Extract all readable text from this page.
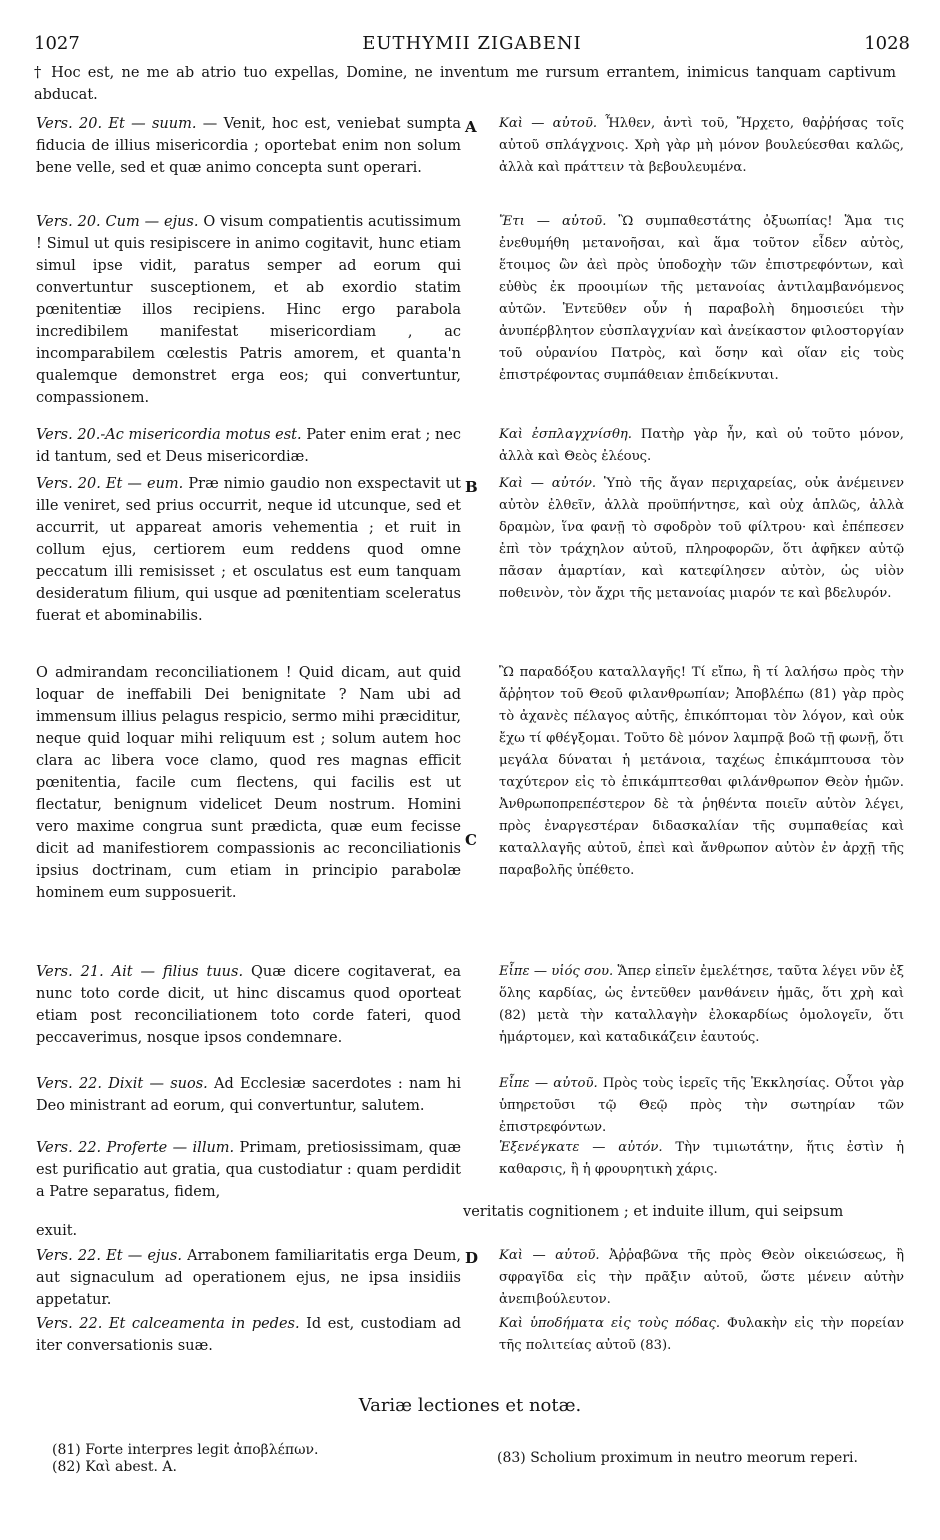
1027	EUTHYMII ZIGABENI	1028
† Hoc est, ne me ab atrio tuo expellas, Domine, ne inventum me rursum errantem, inimicus tanquam captivum abducat.
Vers. 20. Et — suum. — Venit, hoc est, veniebat sumpta fiducia de illius misericordia ; oportebat enim non solum bene velle, sed et quæ animo concepta sunt operari.
Vers. 20. Cum — ejus. O visum compatientis acutissimum ! Simul ut quis resipiscere in animo cogitavit, hunc etiam simul ipse vidit, paratus semper ad eorum qui convertuntur susceptionem, et ab exordio statim pœnitentiæ illos recipiens. Hinc ergo parabola incredibilem manifestat misericordiam , ac incomparabilem cœlestis Patris amorem, et quanta'n qualemque demonstret erga eos; qui convertuntur, compassionem.
Vers. 20.-Ac misericordia motus est. Pater enim erat ; nec id tantum, sed et Deus misericordiæ.
Vers. 20. Et — eum. Præ nimio gaudio non exspectavit ut ille veniret, sed prius occurrit, neque id utcunque, sed et accurrit, ut appareat amoris vehementia ; et ruit in collum ejus, certiorem eum reddens quod omne peccatum illi remisisset ; et osculatus est eum tanquam desideratum filium, qui usque ad pœnitentiam sceleratus fuerat et abominabilis.
O admirandam reconciliationem ! Quid dicam, aut quid loquar de ineffabili Dei benignitate ? Nam ubi ad immensum illius pelagus respicio, sermo mihi præciditur, neque quid loquar mihi reliquum est ; solum autem hoc clara ac libera voce clamo, quod res magnas efficit pœnitentia, facile cum flectens, qui facilis est ut flectatur, benignum videlicet Deum nostrum. Homini vero maxime congrua sunt prædicta, quæ eum fecisse dicit ad manifestiorem compassionis ac reconciliationis ipsius doctrinam, cum etiam in principio parabolæ hominem eum supposuerit.
Vers. 21. Ait — filius tuus. Quæ dicere cogitaverat, ea nunc toto corde dicit, ut hinc discamus quod oporteat etiam post reconciliationem toto corde fateri, quod peccaverimus, nosque ipsos condemnare.
Vers. 22. Dixit — suos. Ad Ecclesiæ sacerdotes : nam hi Deo ministrant ad eorum, qui convertuntur, salutem.
Vers. 22. Proferte — illum. Primam, pretiosissimam, quæ est purificatio aut gratia, qua custodiatur : quam perdidit a Patre separatus, fidem,
veritatis cognitionem ; et induite illum, qui seipsum
exuit.
Vers. 22. Et — ejus. Arrabonem familiaritatis erga Deum, aut signaculum ad operationem ejus, ne ipsa insidiis appetatur.
Vers. 22. Et calceamenta in pedes. Id est, custodiam ad iter conversationis suæ.
Καὶ — αὐτοῦ. Ἦλθεν, ἀντὶ τοῦ, Ἤρχετο, θαῤῥήσας τοῖς αὐτοῦ σπλάγχνοις. Χρὴ γὰρ μὴ μόνον βουλεύεσθαι καλῶς, ἀλλὰ καὶ πράττειν τὰ βεβουλευμένα.
Ἔτι — αὐτοῦ. Ὢ συμπαθεστάτης ὀξυωπίας! Ἅμα τις ἐνεθυμήθη μετανοῆσαι, καὶ ἅμα τοῦτον εἶδεν αὐτὸς, ἕτοιμος ὢν ἀεὶ πρὸς ὑποδοχὴν τῶν ἐπιστρεφόντων, καὶ εὐθὺς ἐκ προοιμίων τῆς μετανοίας ἀντιλαμβανόμενος αὐτῶν. Ἐντεῦθεν οὖν ἡ παραβολὴ δημοσιεύει τὴν ἀνυπέρβλητον εὐσπλαγχνίαν καὶ ἀνείκαστον φιλοστοργίαν τοῦ οὐρανίου Πατρὸς, καὶ ὅσην καὶ οἵαν εἰς τοὺς ἐπιστρέφοντας συμπάθειαν ἐπιδείκνυται.
Καὶ ἐσπλαγχνίσθη. Πατὴρ γὰρ ἦν, καὶ οὐ τοῦτο μόνον, ἀλλὰ καὶ Θεὸς ἐλέους.
Καὶ — αὐτόν. Ὑπὸ τῆς ἄγαν περιχαρείας, οὐκ ἀνέμεινεν αὐτὸν ἐλθεῖν, ἀλλὰ προϋπήντησε, καὶ οὐχ ἁπλῶς, ἀλλὰ δραμὼν, ἵνα φανῇ τὸ σφοδρὸν τοῦ φίλτρου· καὶ ἐπέπεσεν ἐπὶ τὸν τράχηλον αὐτοῦ, πληροφορῶν, ὅτι ἀφῆκεν αὐτῷ πᾶσαν ἁμαρτίαν, καὶ κατεφίλησεν αὐτὸν, ὡς υἱὸν ποθεινὸν, τὸν ἄχρι τῆς μετανοίας μιαρόν τε καὶ βδελυρόν.
Ὢ παραδόξου καταλλαγῆς! Τί εἴπω, ἢ τί λαλήσω πρὸς τὴν ἄῤῥητον τοῦ Θεοῦ φιλανθρωπίαν; Ἀποβλέπω (81) γὰρ πρὸς τὸ ἀχανὲς πέλαγος αὐτῆς, ἐπικόπτομαι τὸν λόγον, καὶ οὐκ ἔχω τί φθέγξομαι. Τοῦτο δὲ μόνον λαμπρᾷ βοῶ τῇ φωνῇ, ὅτι μεγάλα δύναται ἡ μετάνοια, ταχέως ἐπικάμπτουσα τὸν ταχύτερον εἰς τὸ ἐπικάμπτεσθαι φιλάνθρωπον Θεὸν ἡμῶν. Ἀνθρωποπρεπέστερον δὲ τὰ ῥηθέντα ποιεῖν αὐτὸν λέγει, πρὸς ἐναργεστέραν διδασκαλίαν τῆς συμπαθείας καὶ καταλλαγῆς αὐτοῦ, ἐπεὶ καὶ ἄνθρωπον αὐτὸν ἐν ἀρχῇ τῆς παραβολῆς ὑπέθετο.
Εἶπε — υἱός σου. Ἅπερ εἰπεῖν ἐμελέτησε, ταῦτα λέγει νῦν ἐξ ὅλης καρδίας, ὡς ἐντεῦθεν μανθάνειν ἡμᾶς, ὅτι χρὴ καὶ (82) μετὰ τὴν καταλλαγὴν ἐλοκαρδίως ὁμολογεῖν, ὅτι ἡμάρτομεν, καὶ καταδικάζειν ἑαυτούς.
Εἶπε — αὐτοῦ. Πρὸς τοὺς ἱερεῖς τῆς Ἐκκλησίας. Οὗτοι γὰρ ὑπηρετοῦσι τῷ Θεῷ πρὸς τὴν σωτηρίαν τῶν ἐπιστρεφόντων.
Ἐξενέγκατε — αὐτόν. Τὴν τιμιωτάτην, ἥτις ἐστὶν ἡ καθαρσις, ἢ ἡ φρουρητικὴ χάρις.
Καὶ — αὐτοῦ. Ἀῤῥαβῶνα τῆς πρὸς Θεὸν οἰκειώσεως, ἢ σφραγῖδα εἰς τὴν πρᾶξιν αὐτοῦ, ὥστε μένειν αὐτὴν ἀνεπιβούλευτον.
Καὶ ὑποδήματα εἰς τοὺς πόδας. Φυλακὴν εἰς τὴν πορείαν τῆς πολιτείας αὐτοῦ (83).
A
B
C
D
Variæ lectiones et notæ.
(81) Forte interpres legit ἀποβλέπων.
(82) Καὶ abest. A.
(83) Scholium proximum in neutro meorum reperi.
